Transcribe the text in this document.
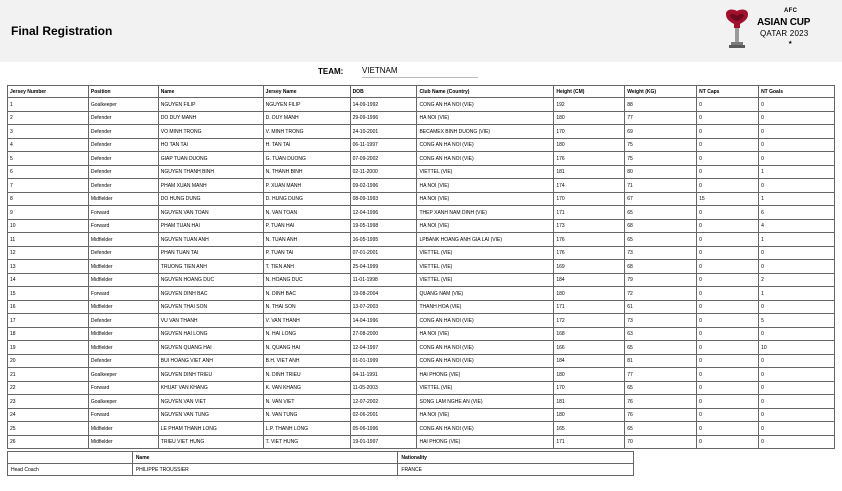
Final Registration
AFC
ASIAN CUP
QATAR 2023
★
TEAM: VIETNAM
Jersey Number	Position	Name	Jersey Name	DOB	Club Name (Country)	Height (CM)	Weight (KG)	NT Caps	NT Goals
1	Goalkeeper	NGUYEN FILIP	NGUYEN FILIP	14-09-1992	CONG AN HA NOI (VIE)	192	88	0	0
2	Defender	DO DUY MANH	D. DUY MANH	29-09-1996	HA NOI (VIE)	180	77	0	0
3	Defender	VO MINH TRONG	V. MINH TRONG	24-10-2001	BECAMEX BINH DUONG (VIE)	170	69	0	0
4	Defender	HO TAN TAI	H. TAN TAI	06-11-1997	CONG AN HA NOI (VIE)	180	75	0	0
5	Defender	GIAP TUAN DUONG	G. TUAN DUONG	07-09-2002	CONG AN HA NOI (VIE)	176	75	0	0
6	Defender	NGUYEN THANH BINH	N. THANH BINH	02-11-2000	VIETTEL (VIE)	181	80	0	1
7	Defender	PHAM XUAN MANH	P. XUAN MANH	09-02-1996	HA NOI (VIE)	174	71	0	0
8	Midfielder	DO HUNG DUNG	D. HUNG DUNG	08-09-1993	HA NOI (VIE)	170	67	15	1
9	Forward	NGUYEN VAN TOAN	N. VAN TOAN	12-04-1996	THEP XANH NAM DINH (VIE)	171	65	0	6
10	Forward	PHAM TUAN HAI	P. TUAN HAI	19-05-1998	HA NOI (VIE)	173	68	0	4
11	Midfielder	NGUYEN TUAN ANH	N. TUAN ANH	16-05-1995	LPBANK HOANG ANH GIA LAI (VIE)	176	65	0	1
12	Defender	PHAN TUAN TAI	P. TUAN TAI	07-01-2001	VIETTEL (VIE)	176	73	0	0
13	Midfielder	TRUONG TIEN ANH	T. TIEN ANH	25-04-1999	VIETTEL (VIE)	169	68	0	0
14	Midfielder	NGUYEN HOANG DUC	N. HOANG DUC	11-01-1998	VIETTEL (VIE)	184	79	0	2
15	Forward	NGUYEN DINH BAC	N. DINH BAC	19-08-2004	QUANG NAM (VIE)	180	72	0	1
16	Midfielder	NGUYEN THAI SON	N. THAI SON	13-07-2003	THANH HOA (VIE)	171	61	0	0
17	Defender	VU VAN THANH	V. VAN THANH	14-04-1996	CONG AN HA NOI (VIE)	172	73	0	5
18	Midfielder	NGUYEN HAI LONG	N. HAI LONG	27-08-2000	HA NOI (VIE)	168	63	0	0
19	Midfielder	NGUYEN QUANG HAI	N. QUANG HAI	12-04-1997	CONG AN HA NOI (VIE)	166	65	0	10
20	Defender	BUI HOANG VIET ANH	B.H. VIET ANH	01-01-1999	CONG AN HA NOI (VIE)	184	81	0	0
21	Goalkeeper	NGUYEN DINH TRIEU	N. DINH TRIEU	04-11-1991	HAI PHONG (VIE)	180	77	0	0
22	Forward	KHUAT VAN KHANG	K. VAN KHANG	11-05-2003	VIETTEL (VIE)	170	65	0	0
23	Goalkeeper	NGUYEN VAN VIET	N. VAN VIET	12-07-2002	SONG LAM NGHE AN (VIE)	181	76	0	0
24	Forward	NGUYEN VAN TUNG	N. VAN TUNG	02-06-2001	HA NOI (VIE)	180	76	0	0
25	Midfielder	LE PHAM THANH LONG	L.P. THANH LONG	05-06-1996	CONG AN HA NOI (VIE)	165	65	0	0
26	Midfielder	TRIEU VIET HUNG	T. VIET HUNG	19-01-1997	HAI PHONG (VIE)	171	70	0	0
	Name	Nationality
Head Coach	PHILIPPE TROUSSIER	FRANCE
